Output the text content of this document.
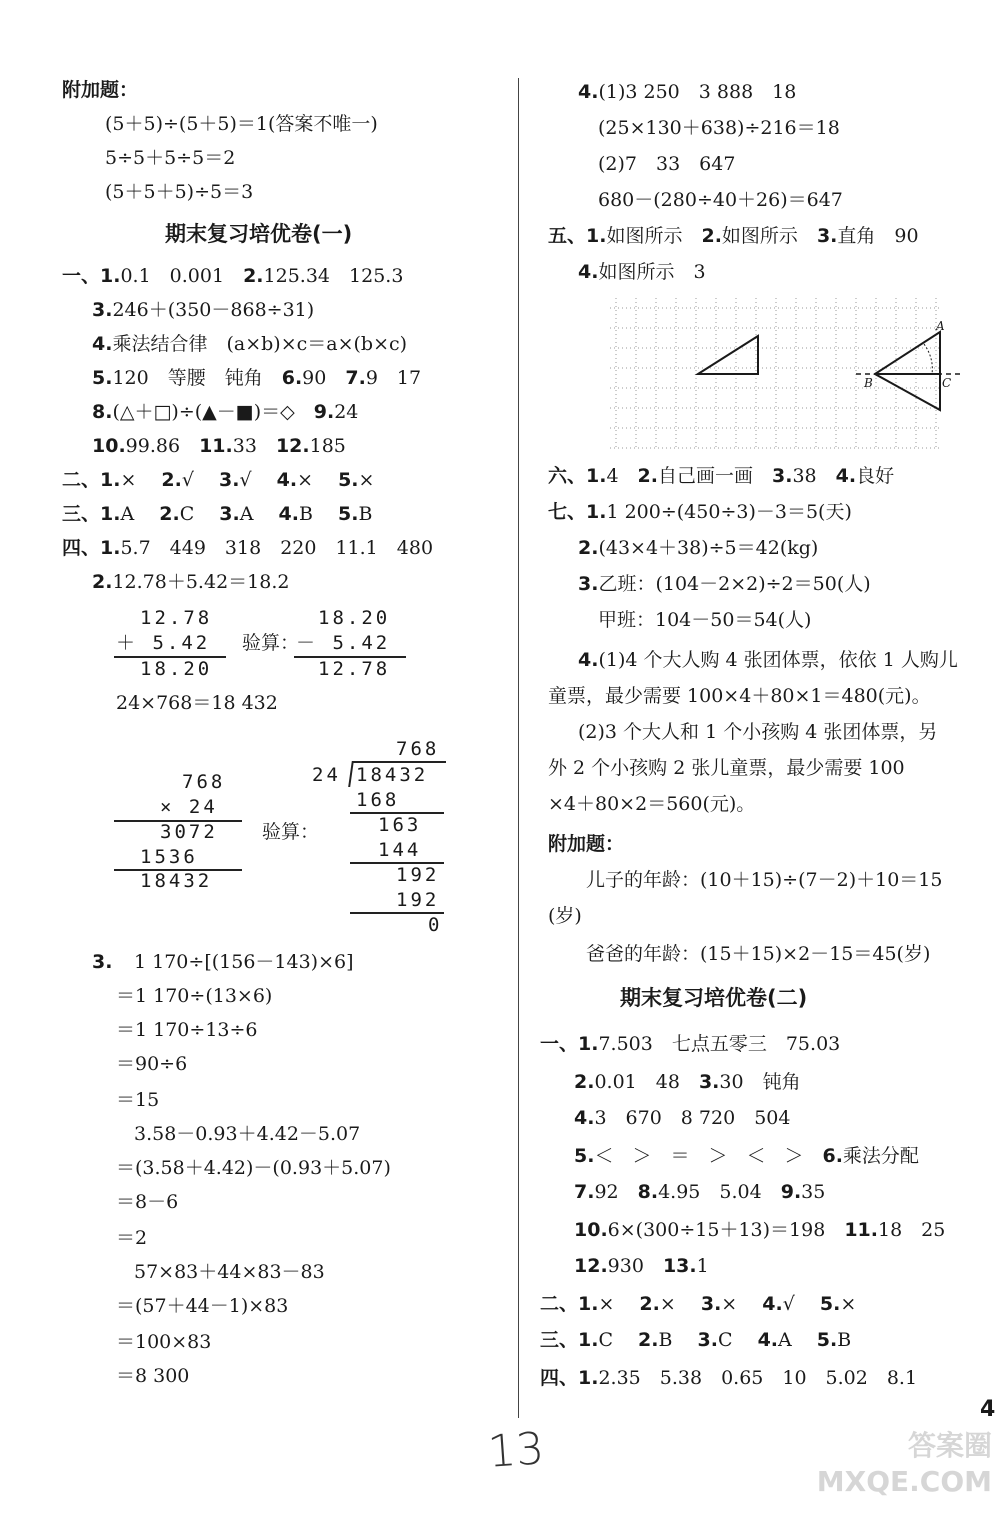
附加题：
(5＋5)÷(5＋5)＝1(答案不唯一)
5÷5＋5÷5＝2
(5＋5＋5)÷5＝3
期末复习培优卷(一)
一、1.0.1　0.001　2.125.34　125.3
3.246＋(350－868÷31)
4.乘法结合律　(a×b)×c＝a×(b×c)
5.120　等腰　钝角　6.90　7.9　17
8.(△＋□)÷(▲－■)＝◇　9.24
10.99.86　11.33　12.185
二、1.×　 2.√　 3.√　 4.×　 5.×
三、1.A　 2.C　 3.A　 4.B　 5.B
四、1.5.7　449　318　220　11.1　480
2.12.78＋5.42＝18.2
12.78
＋ 5.42
18.20
验算：
18.20
－ 5.42
12.78
24×768＝18 432
768
× 24
3072
1536
18432
验算：
768
24 18432
168
163
144
192
192
0
3. 1 170÷[(156－143)×6]
＝1 170÷(13×6)
＝1 170÷13÷6
＝90÷6
＝15
3.58－0.93＋4.42－5.07
＝(3.58＋4.42)－(0.93＋5.07)
＝8－6
＝2
57×83＋44×83－83
＝(57＋44－1)×83
＝100×83
＝8 300
4.(1)3 250　3 888　18
(25×130＋638)÷216＝18
(2)7　33　647
680－(280÷40＋26)＝647
五、1.如图所示　2.如图所示　3.直角　90
4.如图所示　3
A
B	C
六、1.4　2.自己画一画　3.38　4.良好
七、1.1 200÷(450÷3)－3＝5(天)
2.(43×4＋38)÷5＝42(kg)
3.乙班：(104－2×2)÷2＝50(人)
甲班：104－50＝54(人)
4.(1)4 个大人购 4 张团体票，依依 1 人购儿
童票，最少需要 100×4＋80×1＝480(元)。
(2)3 个大人和 1 个小孩购 4 张团体票，另
外 2 个小孩购 2 张儿童票，最少需要 100
×4＋80×2＝560(元)。
附加题：
儿子的年龄：(10＋15)÷(7－2)＋10＝15
(岁)
爸爸的年龄：(15＋15)×2－15＝45(岁)
期末复习培优卷(二)
一、1.7.503　七点五零三　75.03
2.0.01　48　3.30　钝角
4.3　670　8 720　504
5.＜　＞　＝　＞　＜　＞　6.乘法分配
7.92　8.4.95　5.04　9.35
10.6×(300÷15＋13)＝198　11.18　25
12.930　13.1
二、1.×　 2.×　 3.×　 4.√　 5.×
三、1.C　 2.B　 3.C　 4.A　 5.B
四、1.2.35　5.38　0.65　10　5.02　8.1
4
13	答案圈 MXQE.COM
